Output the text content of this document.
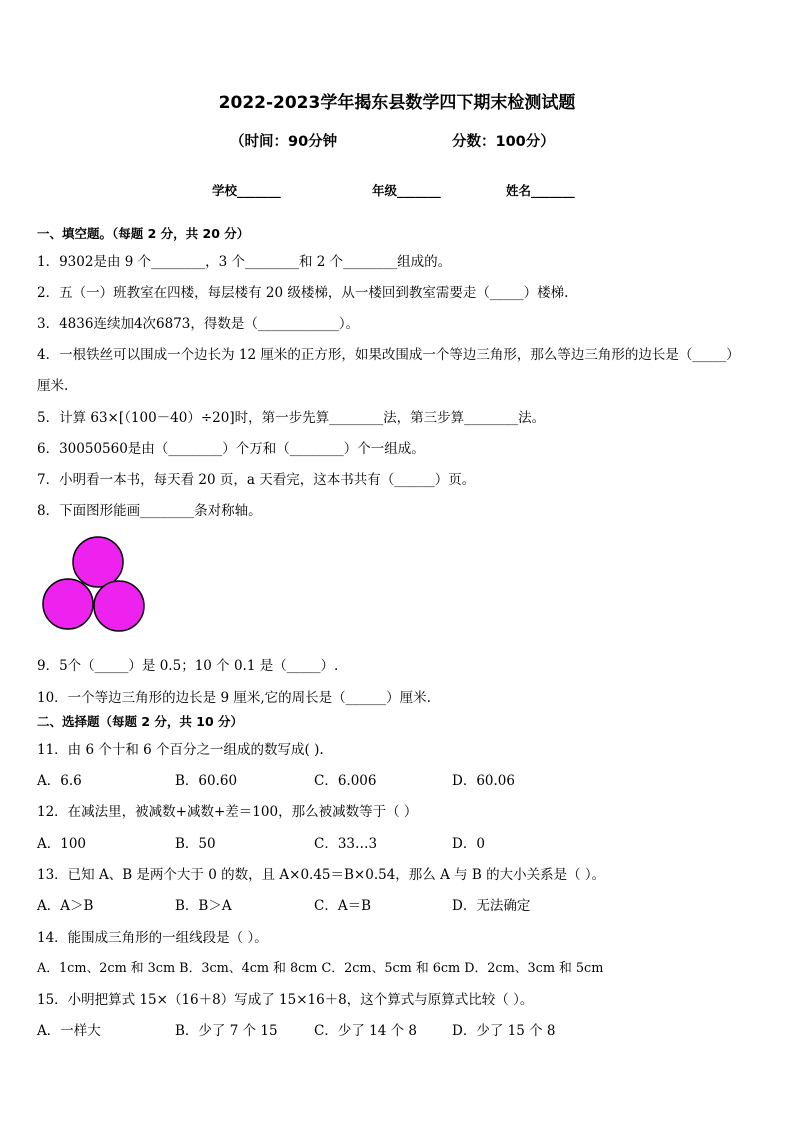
2022-2023学年揭东县数学四下期末检测试题
（时间：90分钟	分数：100分）
学校_______	年级_______	姓名_______
一、填空题。（每题 2 分，共 20 分）
1．9302是由 9 个________，3 个________和 2 个________组成的。
2．五（一）班教室在四楼，每层楼有 20 级楼梯，从一楼回到教室需要走（_____）楼梯.
3．4836连续加4次6873，得数是（____________）。
4．一根铁丝可以围成一个边长为 12 厘米的正方形，如果改围成一个等边三角形，那么等边三角形的边长是（_____）
厘米.
5．计算 63×[（100－40）÷20]时，第一步先算________法，第三步算________法。
6．30050560是由（________）个万和（________）个一组成。
7．小明看一本书，每天看 20 页，a 天看完，这本书共有（______）页。
8．下面图形能画________条对称轴。
9．5个（_____）是 0.5；10 个 0.1 是（_____）.
10．一个等边三角形的边长是 9 厘米,它的周长是（______）厘米.
二、选择题（每题 2 分，共 10 分）
11．由 6 个十和 6 个百分之一组成的数写成( ).
A．6.6	B．60.60	C．6.006	D．60.06
12．在减法里，被减数+减数+差＝100，那么被减数等于（ ）
A．100	B．50	C．33…3	D．0
13．已知 A、B 是两个大于 0 的数，且 A×0.45＝B×0.54，那么 A 与 B 的大小关系是（ ）。
A．A＞B	B．B＞A	C．A＝B	D．无法确定
14．能围成三角形的一组线段是（ ）。
A．1cm、2cm 和 3cm B．3cm、4cm 和 8cm C．2cm、5cm 和 6cm D．2cm、3cm 和 5cm
15．小明把算式 15×（16＋8）写成了 15×16＋8，这个算式与原算式比较（ ）。
A．一样大	B．少了 7 个 15	C．少了 14 个 8	D．少了 15 个 8
